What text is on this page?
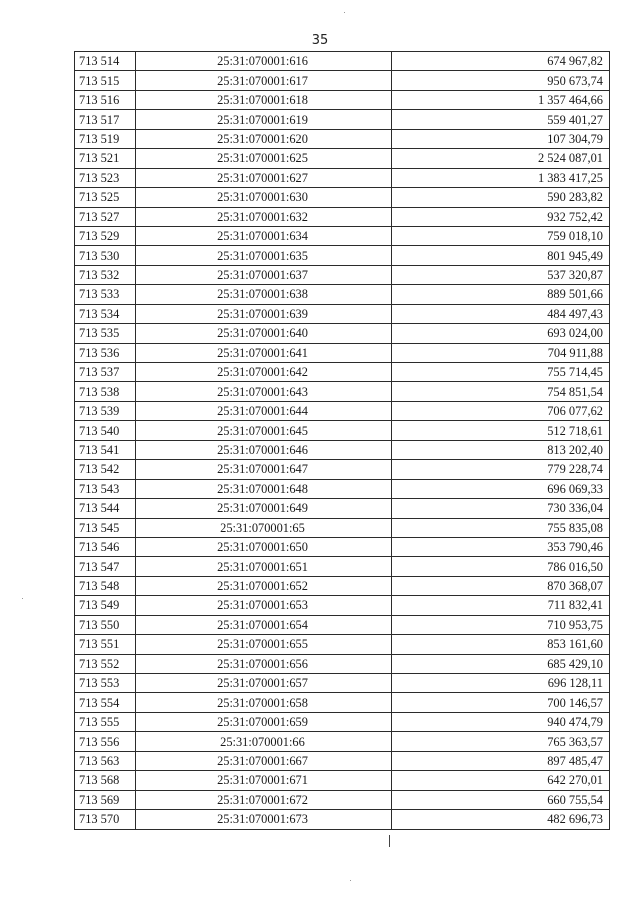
35
713 514	25:31:070001:616	674 967,82
713 515	25:31:070001:617	950 673,74
713 516	25:31:070001:618	1 357 464,66
713 517	25:31:070001:619	559 401,27
713 519	25:31:070001:620	107 304,79
713 521	25:31:070001:625	2 524 087,01
713 523	25:31:070001:627	1 383 417,25
713 525	25:31:070001:630	590 283,82
713 527	25:31:070001:632	932 752,42
713 529	25:31:070001:634	759 018,10
713 530	25:31:070001:635	801 945,49
713 532	25:31:070001:637	537 320,87
713 533	25:31:070001:638	889 501,66
713 534	25:31:070001:639	484 497,43
713 535	25:31:070001:640	693 024,00
713 536	25:31:070001:641	704 911,88
713 537	25:31:070001:642	755 714,45
713 538	25:31:070001:643	754 851,54
713 539	25:31:070001:644	706 077,62
713 540	25:31:070001:645	512 718,61
713 541	25:31:070001:646	813 202,40
713 542	25:31:070001:647	779 228,74
713 543	25:31:070001:648	696 069,33
713 544	25:31:070001:649	730 336,04
713 545	25:31:070001:65	755 835,08
713 546	25:31:070001:650	353 790,46
713 547	25:31:070001:651	786 016,50
713 548	25:31:070001:652	870 368,07
713 549	25:31:070001:653	711 832,41
713 550	25:31:070001:654	710 953,75
713 551	25:31:070001:655	853 161,60
713 552	25:31:070001:656	685 429,10
713 553	25:31:070001:657	696 128,11
713 554	25:31:070001:658	700 146,57
713 555	25:31:070001:659	940 474,79
713 556	25:31:070001:66	765 363,57
713 563	25:31:070001:667	897 485,47
713 568	25:31:070001:671	642 270,01
713 569	25:31:070001:672	660 755,54
713 570	25:31:070001:673	482 696,73
